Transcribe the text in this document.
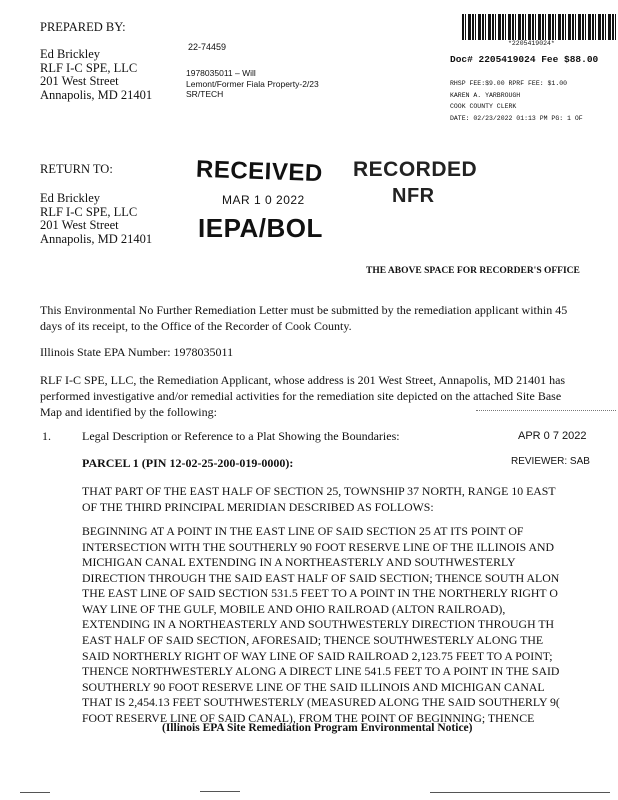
PREPARED BY:
Ed Brickley
RLF I-C SPE, LLC
201 West Street
Annapolis, MD 21401
22-74459
1978035011 – Will
Lemont/Former Fiala Property-2/23
SR/TECH
*2205419024*
Doc# 2205419024 Fee $88.00
RHSP FEE:$9.00 RPRF FEE: $1.00
KAREN A. YARBROUGH
COOK COUNTY CLERK
DATE: 02/23/2022 01:13 PM PG: 1 OF
RETURN TO:
Ed Brickley
RLF I-C SPE, LLC
201 West Street
Annapolis, MD 21401
RECEIVED
MAR 1 0 2022
IEPA/BOL
RECORDED
NFR
THE ABOVE SPACE FOR RECORDER'S OFFICE
This Environmental No Further Remediation Letter must be submitted by the remediation applicant within 45
days of its receipt, to the Office of the Recorder of Cook County.
Illinois State EPA Number: 1978035011
RLF I-C SPE, LLC, the Remediation Applicant, whose address is 201 West Street, Annapolis, MD 21401 has
performed investigative and/or remedial activities for the remediation site depicted on the attached Site Base
Map and identified by the following:
1.	Legal Description or Reference to a Plat Showing the Boundaries:	APR 0 7 2022
REVIEWER: SAB
PARCEL 1 (PIN 12-02-25-200-019-0000):
THAT PART OF THE EAST HALF OF SECTION 25, TOWNSHIP 37 NORTH, RANGE 10 EAST
OF THE THIRD PRINCIPAL MERIDIAN DESCRIBED AS FOLLOWS:
BEGINNING AT A POINT IN THE EAST LINE OF SAID SECTION 25 AT ITS POINT OF
INTERSECTION WITH THE SOUTHERLY 90 FOOT RESERVE LINE OF THE ILLINOIS AND
MICHIGAN CANAL EXTENDING IN A NORTHEASTERLY AND SOUTHWESTERLY
DIRECTION THROUGH THE SAID EAST HALF OF SAID SECTION; THENCE SOUTH ALON
THE EAST LINE OF SAID SECTION 531.5 FEET TO A POINT IN THE NORTHERLY RIGHT O
WAY LINE OF THE GULF, MOBILE AND OHIO RAILROAD (ALTON RAILROAD),
EXTENDING IN A NORTHEASTERLY AND SOUTHWESTERLY DIRECTION THROUGH TH
EAST HALF OF SAID SECTION, AFORESAID; THENCE SOUTHWESTERLY ALONG THE
SAID NORTHERLY RIGHT OF WAY LINE OF SAID RAILROAD 2,123.75 FEET TO A POINT;
THENCE NORTHWESTERLY ALONG A DIRECT LINE 541.5 FEET TO A POINT IN THE SAID
SOUTHERLY 90 FOOT RESERVE LINE OF THE SAID ILLINOIS AND MICHIGAN CANAL
THAT IS 2,454.13 FEET SOUTHWESTERLY (MEASURED ALONG THE SAID SOUTHERLY 9(
FOOT RESERVE LINE OF SAID CANAL), FROM THE POINT OF BEGINNING; THENCE
(Illinois EPA Site Remediation Program Environmental Notice)
